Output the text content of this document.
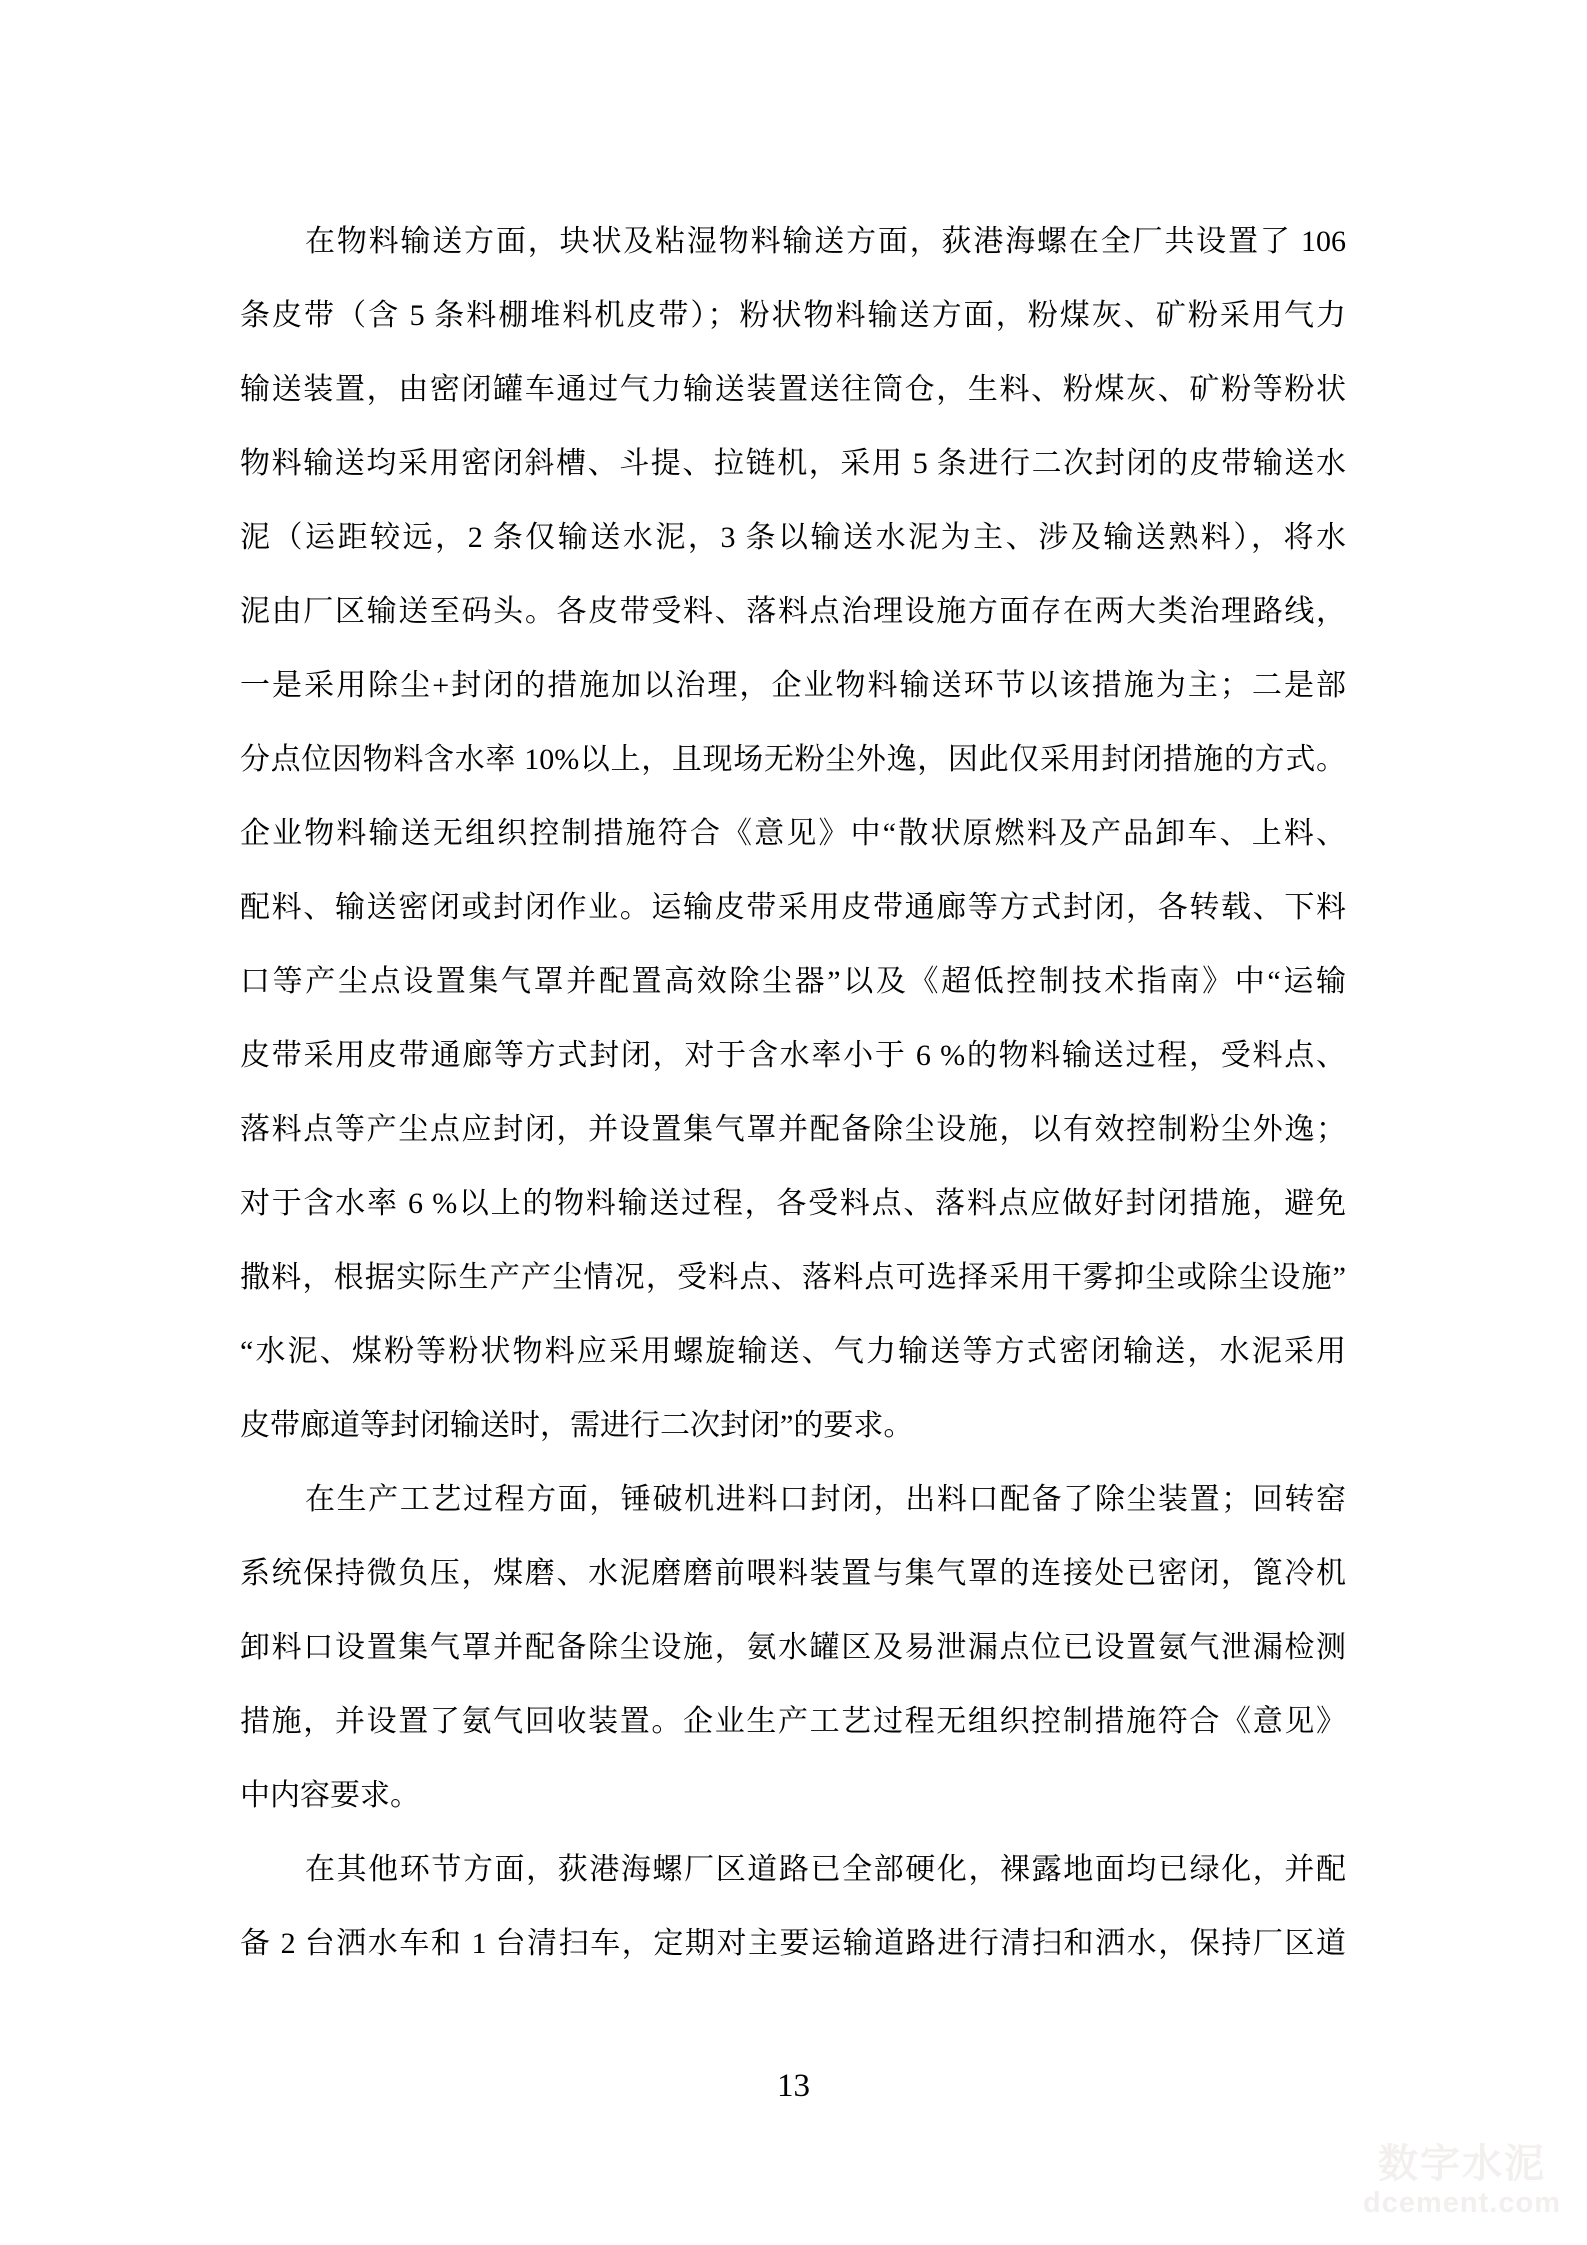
在物料输送方面，块状及粘湿物料输送方面，荻港海螺在全厂共设置了 106

条皮带（含 5 条料棚堆料机皮带）；粉状物料输送方面，粉煤灰、矿粉采用气力

输送装置，由密闭罐车通过气力输送装置送往筒仓，生料、粉煤灰、矿粉等粉状

物料输送均采用密闭斜槽、斗提、拉链机，采用 5 条进行二次封闭的皮带输送水

泥（运距较远，2 条仅输送水泥，3 条以输送水泥为主、涉及输送熟料），将水

泥由厂区输送至码头。各皮带受料、落料点治理设施方面存在两大类治理路线，

一是采用除尘+封闭的措施加以治理，企业物料输送环节以该措施为主；二是部

分点位因物料含水率 10%以上，且现场无粉尘外逸，因此仅采用封闭措施的方式。

企业物料输送无组织控制措施符合《意见》中“散状原燃料及产品卸车、上料、

配料、输送密闭或封闭作业。运输皮带采用皮带通廊等方式封闭，各转载、下料

口等产尘点设置集气罩并配置高效除尘器”以及《超低控制技术指南》中“运输

皮带采用皮带通廊等方式封闭，对于含水率小于 6 %的物料输送过程，受料点、

落料点等产尘点应封闭，并设置集气罩并配备除尘设施，以有效控制粉尘外逸；

对于含水率 6 %以上的物料输送过程，各受料点、落料点应做好封闭措施，避免

撒料，根据实际生产产尘情况，受料点、落料点可选择采用干雾抑尘或除尘设施”

“水泥、煤粉等粉状物料应采用螺旋输送、气力输送等方式密闭输送，水泥采用

皮带廊道等封闭输送时，需进行二次封闭”的要求。

在生产工艺过程方面，锤破机进料口封闭，出料口配备了除尘装置；回转窑

系统保持微负压，煤磨、水泥磨磨前喂料装置与集气罩的连接处已密闭，篦冷机

卸料口设置集气罩并配备除尘设施，氨水罐区及易泄漏点位已设置氨气泄漏检测

措施，并设置了氨气回收装置。企业生产工艺过程无组织控制措施符合《意见》

中内容要求。

在其他环节方面，荻港海螺厂区道路已全部硬化，裸露地面均已绿化，并配

备 2 台洒水车和 1 台清扫车，定期对主要运输道路进行清扫和洒水，保持厂区道

13
数字水泥
dcement.com
